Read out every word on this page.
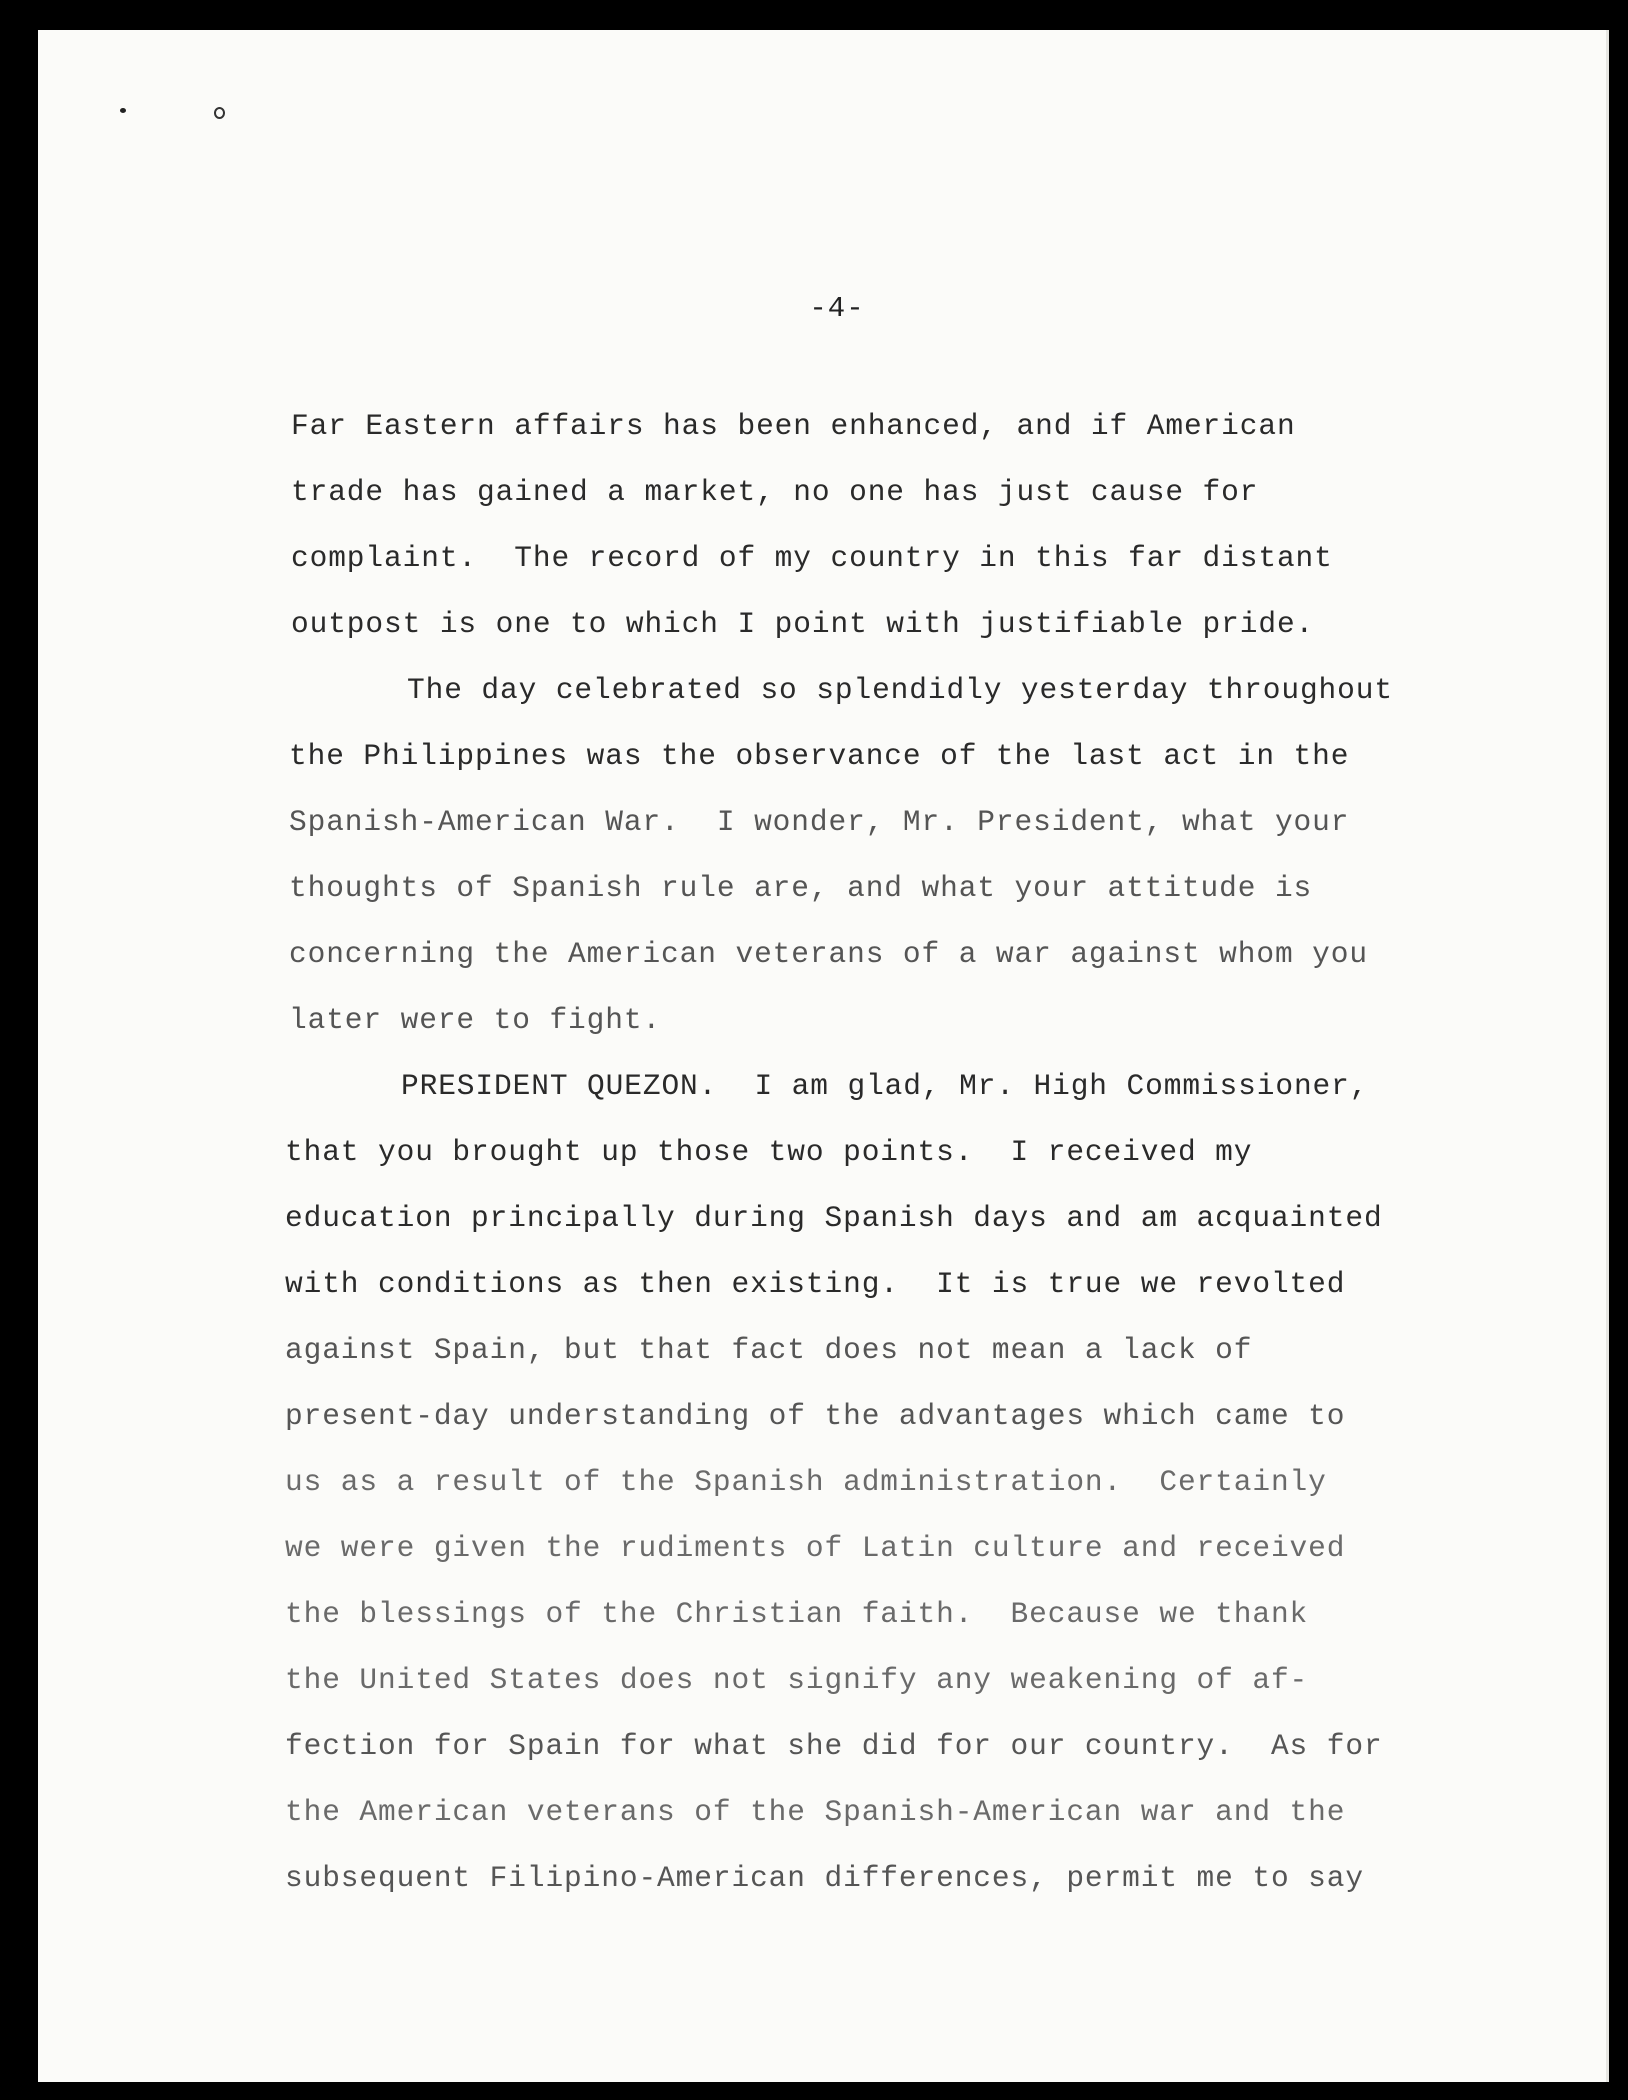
-4-
Far Eastern affairs has been enhanced, and if American
trade has gained a market, no one has just cause for
complaint.  The record of my country in this far distant
outpost is one to which I point with justifiable pride.
The day celebrated so splendidly yesterday throughout
the Philippines was the observance of the last act in the
Spanish-American War.  I wonder, Mr. President, what your
thoughts of Spanish rule are, and what your attitude is
concerning the American veterans of a war against whom you
later were to fight.
PRESIDENT QUEZON.  I am glad, Mr. High Commissioner,
that you brought up those two points.  I received my
education principally during Spanish days and am acquainted
with conditions as then existing.  It is true we revolted
against Spain, but that fact does not mean a lack of
present-day understanding of the advantages which came to
us as a result of the Spanish administration.  Certainly
we were given the rudiments of Latin culture and received
the blessings of the Christian faith.  Because we thank
the United States does not signify any weakening of af-
fection for Spain for what she did for our country.  As for
the American veterans of the Spanish-American war and the
subsequent Filipino-American differences, permit me to say
